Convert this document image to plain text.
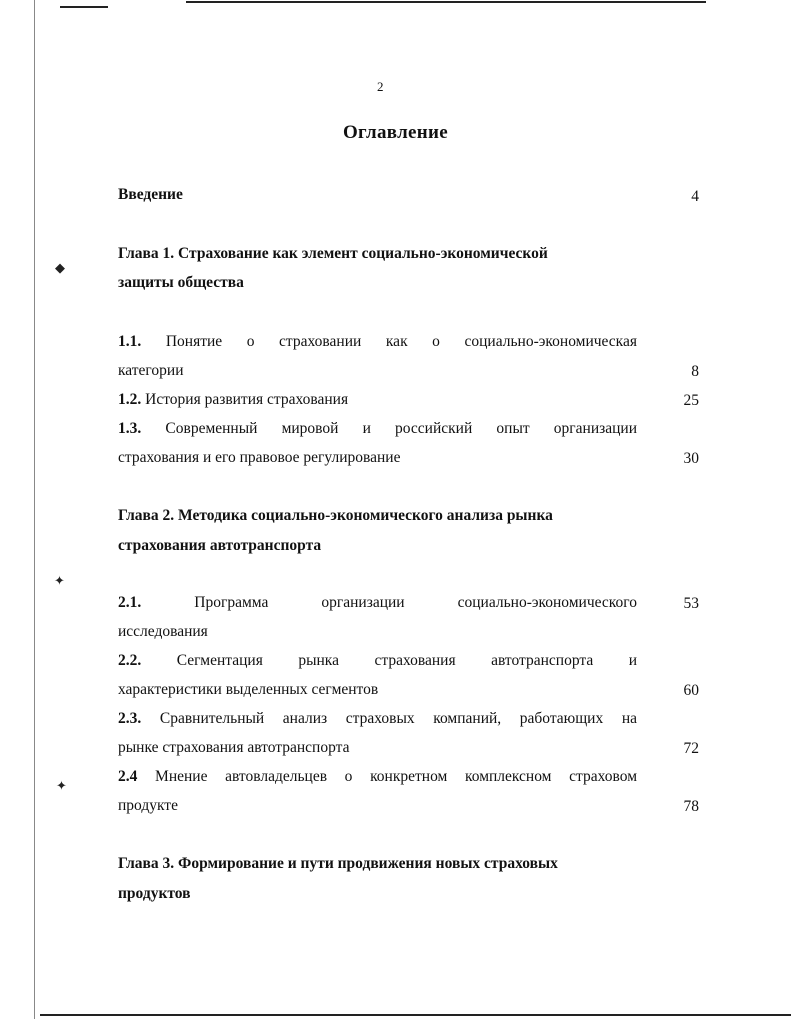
◆
✦
✦
2
Оглавление
Введение	4
Глава 1. Страхование как элемент социально-экономической
защиты общества
1.1. Понятие о страховании как о социально-экономическая
категории	8
1.2. История развития страхования	25
1.3. Современный мировой и российский опыт организации
страхования и его правовое регулирование	30
Глава 2. Методика социально-экономического анализа рынка
страхования автотранспорта
2.1.	Программа организации социально-экономического	53
исследования
2.2. Сегментация рынка страхования автотранспорта и
характеристики выделенных сегментов	60
2.3. Сравнительный анализ страховых компаний, работающих на
рынке страхования автотранспорта	72
2.4 Мнение автовладельцев о конкретном комплексном страховом
продукте	78
Глава 3. Формирование и пути продвижения новых страховых
продуктов
